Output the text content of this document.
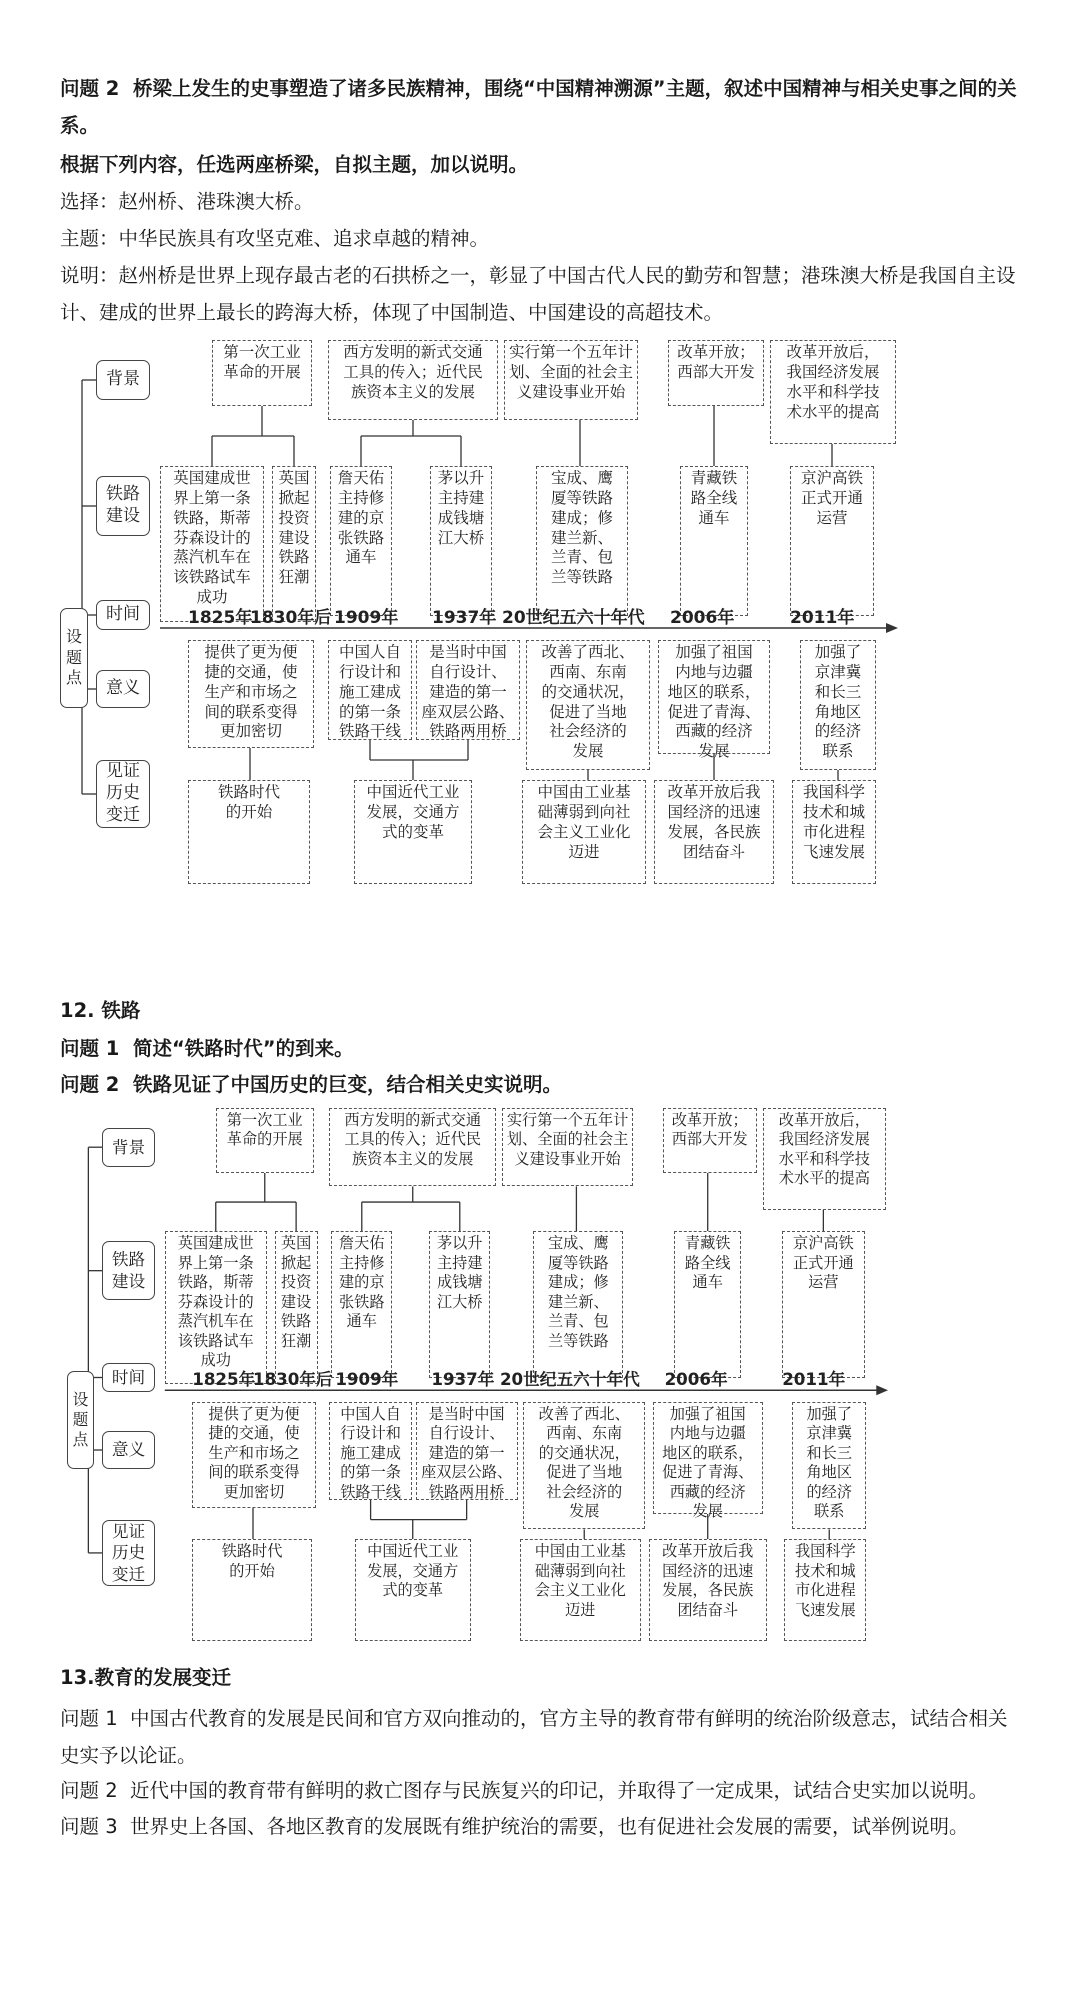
问题 2 桥梁上发生的史事塑造了诸多民族精神，围绕“中国精神溯源”主题，叙述中国精神与相关史事之间的关系。

根据下列内容，任选两座桥梁，自拟主题，加以说明。

选择：赵州桥、港珠澳大桥。

主题：中华民族具有攻坚克难、追求卓越的精神。

说明：赵州桥是世界上现存最古老的石拱桥之一，彰显了中国古代人民的勤劳和智慧；港珠澳大桥是我国自主设计、建成的世界上最长的跨海大桥，体现了中国制造、中国建设的高超技术。

设
题
点
背景
铁路
建设
时间
意义
见证
历史
变迁
第一次工业
革命的开展
西方发明的新式交通
工具的传入；近代民
族资本主义的发展
实行第一个五年计
划、全面的社会主
义建设事业开始
改革开放；
西部大开发
改革开放后，
我国经济发展
水平和科学技
术水平的提高
英国建成世
界上第一条
铁路，斯蒂
芬森设计的
蒸汽机车在
该铁路试车
成功
英国
掀起
投资
建设
铁路
狂潮
詹天佑
主持修
建的京
张铁路
通车
茅以升
主持建
成钱塘
江大桥
宝成、鹰
厦等铁路
建成；修
建兰新、
兰青、包
兰等铁路
青藏铁
路全线
通车
京沪高铁
正式开通
运营
1825年
1830年后 1909年 1937年 20世纪五六十年代 2006年	2011年
提供了更为便
捷的交通，使
生产和市场之
间的联系变得
更加密切
中国人自
行设计和
施工建成
的第一条
铁路干线
是当时中国
自行设计、
建造的第一
座双层公路、
铁路两用桥
改善了西北、
西南、东南
的交通状况，
促进了当地
社会经济的
发展
加强了祖国
内地与边疆
地区的联系，
促进了青海、
西藏的经济
发展
加强了
京津冀
和长三
角地区
的经济
联系
铁路时代
的开始
中国近代工业
发展，交通方
式的变革
中国由工业基
础薄弱到向社
会主义工业化
迈进
改革开放后我
国经济的迅速
发展，各民族
团结奋斗
我国科学
技术和城
市化进程
飞速发展
12. 铁路

问题 1 简述“铁路时代”的到来。

问题 2 铁路见证了中国历史的巨变，结合相关史实说明。

设
题
点
背景
铁路
建设
时间
意义
见证
历史
变迁
第一次工业
革命的开展
西方发明的新式交通
工具的传入；近代民
族资本主义的发展
实行第一个五年计
划、全面的社会主
义建设事业开始
改革开放；
西部大开发
改革开放后，
我国经济发展
水平和科学技
术水平的提高
英国建成世
界上第一条
铁路，斯蒂
芬森设计的
蒸汽机车在
该铁路试车
成功
英国
掀起
投资
建设
铁路
狂潮
詹天佑
主持修
建的京
张铁路
通车
茅以升
主持建
成钱塘
江大桥
宝成、鹰
厦等铁路
建成；修
建兰新、
兰青、包
兰等铁路
青藏铁
路全线
通车
京沪高铁
正式开通
运营
1825年
1830年后 1909年 1937年 20世纪五六十年代 2006年	2011年
提供了更为便
捷的交通，使
生产和市场之
间的联系变得
更加密切
中国人自
行设计和
施工建成
的第一条
铁路干线
是当时中国
自行设计、
建造的第一
座双层公路、
铁路两用桥
改善了西北、
西南、东南
的交通状况，
促进了当地
社会经济的
发展
加强了祖国
内地与边疆
地区的联系，
促进了青海、
西藏的经济
发展
加强了
京津冀
和长三
角地区
的经济
联系
铁路时代
的开始
中国近代工业
发展，交通方
式的变革
中国由工业基
础薄弱到向社
会主义工业化
迈进
改革开放后我
国经济的迅速
发展，各民族
团结奋斗
我国科学
技术和城
市化进程
飞速发展
13.教育的发展变迁

问题 1 中国古代教育的发展是民间和官方双向推动的，官方主导的教育带有鲜明的统治阶级意志，试结合相关史实予以论证。

问题 2 近代中国的教育带有鲜明的救亡图存与民族复兴的印记，并取得了一定成果，试结合史实加以说明。

问题 3 世界史上各国、各地区教育的发展既有维护统治的需要，也有促进社会发展的需要，试举例说明。
